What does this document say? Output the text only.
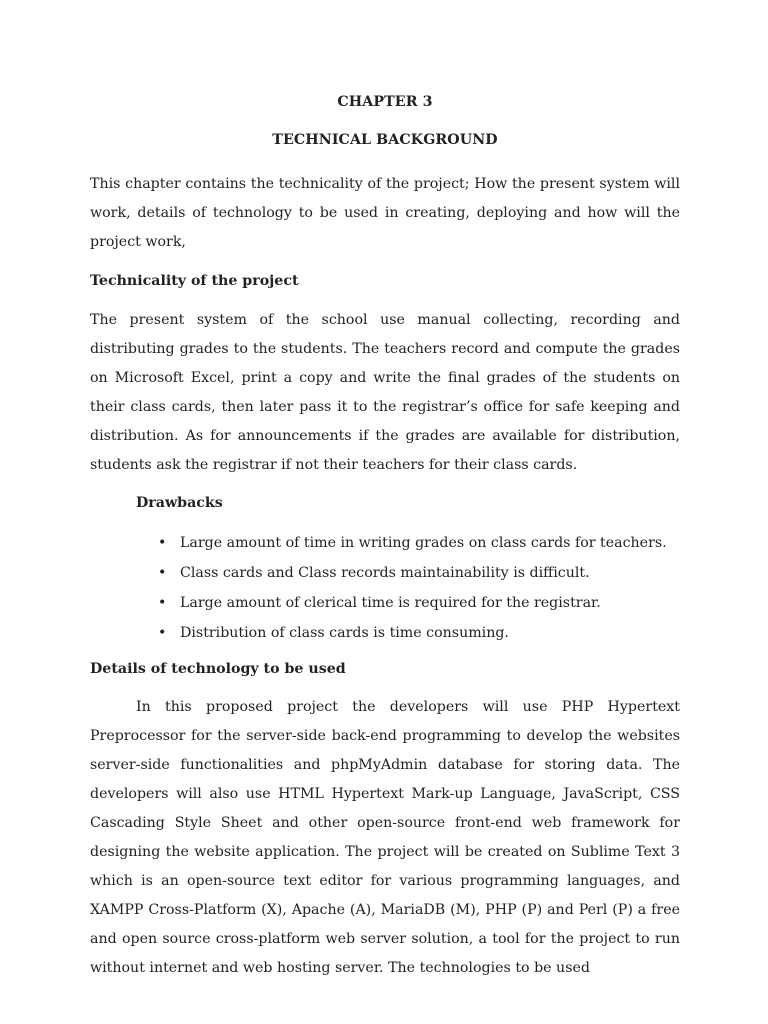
CHAPTER 3
TECHNICAL BACKGROUND

This chapter contains the technicality of the project; How the present system will work, details of technology to be used in creating, deploying and how will the project work,

Technicality of the project

The present system of the school use manual collecting, recording and distributing grades to the students. The teachers record and compute the grades on Microsoft Excel, print a copy and write the final grades of the students on their class cards, then later pass it to the registrar’s office for safe keeping and distribution. As for announcements if the grades are available for distribution, students ask the registrar if not their teachers for their class cards.

Drawbacks
• Large amount of time in writing grades on class cards for teachers.
• Class cards and Class records maintainability is difficult.
• Large amount of clerical time is required for the registrar.
• Distribution of class cards is time consuming.
Details of technology to be used

In this proposed project the developers will use PHP Hypertext Preprocessor for the server-side back-end programming to develop the websites server-side functionalities and phpMyAdmin database for storing data. The developers will also use HTML Hypertext Mark-up Language, JavaScript, CSS Cascading Style Sheet and other open-source front-end web framework for designing the website application. The project will be created on Sublime Text 3 which is an open-source text editor for various programming languages, and XAMPP Cross-Platform (X), Apache (A), MariaDB (M), PHP (P) and Perl (P) a free and open source cross-platform web server solution, a tool for the project to run without internet and web hosting server. The technologies to be used
